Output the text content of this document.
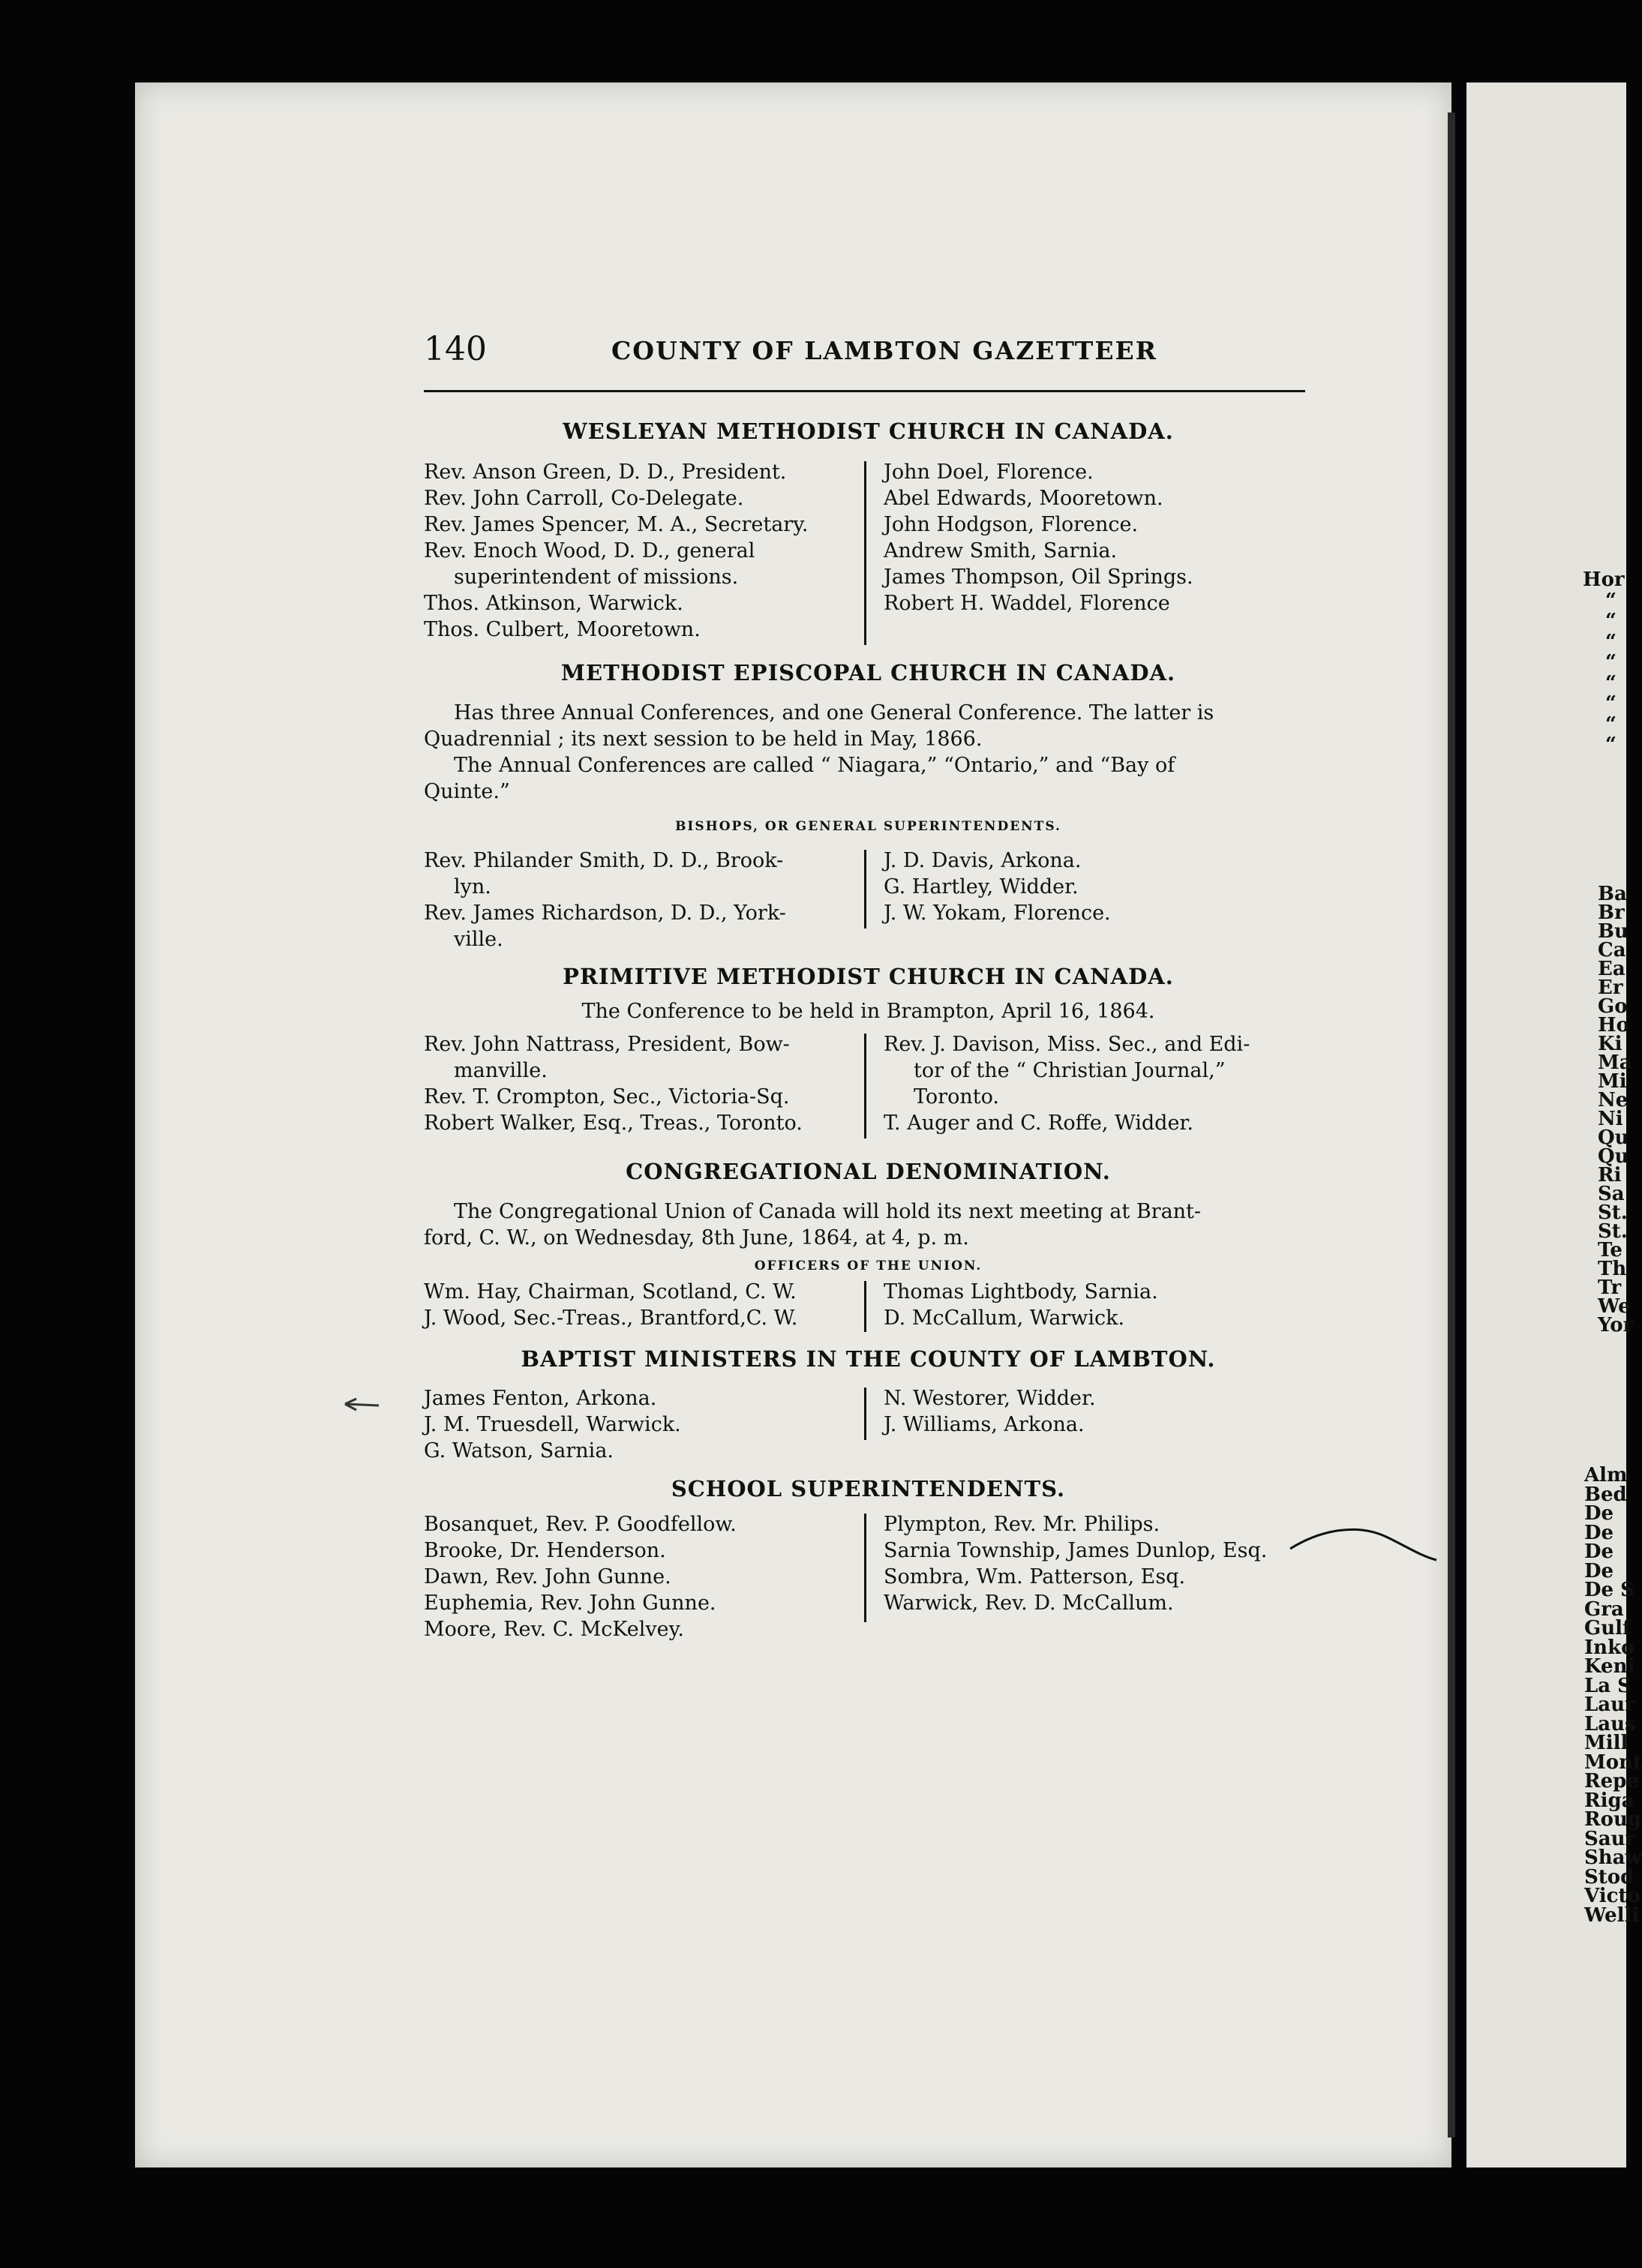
140	COUNTY OF LAMBTON GAZETTEER
WESLEYAN METHODIST CHURCH IN CANADA.
Rev. Anson Green, D. D., President.
Rev. John Carroll, Co-Delegate.
Rev. James Spencer, M. A., Secretary.
Rev. Enoch Wood, D. D., general
superintendent of missions.
Thos. Atkinson, Warwick.
Thos. Culbert, Mooretown.
John Doel, Florence.
Abel Edwards, Mooretown.
John Hodgson, Florence.
Andrew Smith, Sarnia.
James Thompson, Oil Springs.
Robert H. Waddel, Florence
METHODIST EPISCOPAL CHURCH IN CANADA.
Has three Annual Conferences, and one General Conference. The latter is
Quadrennial ; its next session to be held in May, 1866.
The Annual Conferences are called “ Niagara,” “Ontario,” and “Bay of
Quinte.”
BISHOPS, OR GENERAL SUPERINTENDENTS.
Rev. Philander Smith, D. D., Brook-
lyn.
Rev. James Richardson, D. D., York-
ville.
J. D. Davis, Arkona.
G. Hartley, Widder.
J. W. Yokam, Florence.
PRIMITIVE METHODIST CHURCH IN CANADA.
The Conference to be held in Brampton, April 16, 1864.
Rev. John Nattrass, President, Bow-
manville.
Rev. T. Crompton, Sec., Victoria-Sq.
Robert Walker, Esq., Treas., Toronto.
Rev. J. Davison, Miss. Sec., and Edi-
tor of the “ Christian Journal,”
Toronto.
T. Auger and C. Roffe, Widder.
CONGREGATIONAL DENOMINATION.
The Congregational Union of Canada will hold its next meeting at Brant-
ford, C. W., on Wednesday, 8th June, 1864, at 4, p. m.
OFFICERS OF THE UNION.
Wm. Hay, Chairman, Scotland, C. W.
J. Wood, Sec.-Treas., Brantford,C. W.
Thomas Lightbody, Sarnia.
D. McCallum, Warwick.
BAPTIST MINISTERS IN THE COUNTY OF LAMBTON.
James Fenton, Arkona.
J. M. Truesdell, Warwick.
G. Watson, Sarnia.
N. Westorer, Widder.
J. Williams, Arkona.
SCHOOL SUPERINTENDENTS.
Bosanquet, Rev. P. Goodfellow.
Brooke, Dr. Henderson.
Dawn, Rev. John Gunne.
Euphemia, Rev. John Gunne.
Moore, Rev. C. McKelvey.
Plympton, Rev. Mr. Philips.
Sarnia Township, James Dunlop, Esq.
Sombra, Wm. Patterson, Esq.
Warwick, Rev. D. McCallum.
Hor
“
“
“
“
“
“
“
“
Ba
Br
Bu
Ca
Ea
Er
Go
Ho
Ki
Ma
Mi
Ne
Ni
Qu
Qu
Ri
Sa
St.
St.
Te
Th
Tr
We
Yor
Alm
Bed
De
De
De
De
De S
Gra
Gulf
Inko
Keni
La S
Laur
Laus
Mill
Mont
Repe
Riga
Roug
Saur
Shaw
Stod
Victo
Welli
